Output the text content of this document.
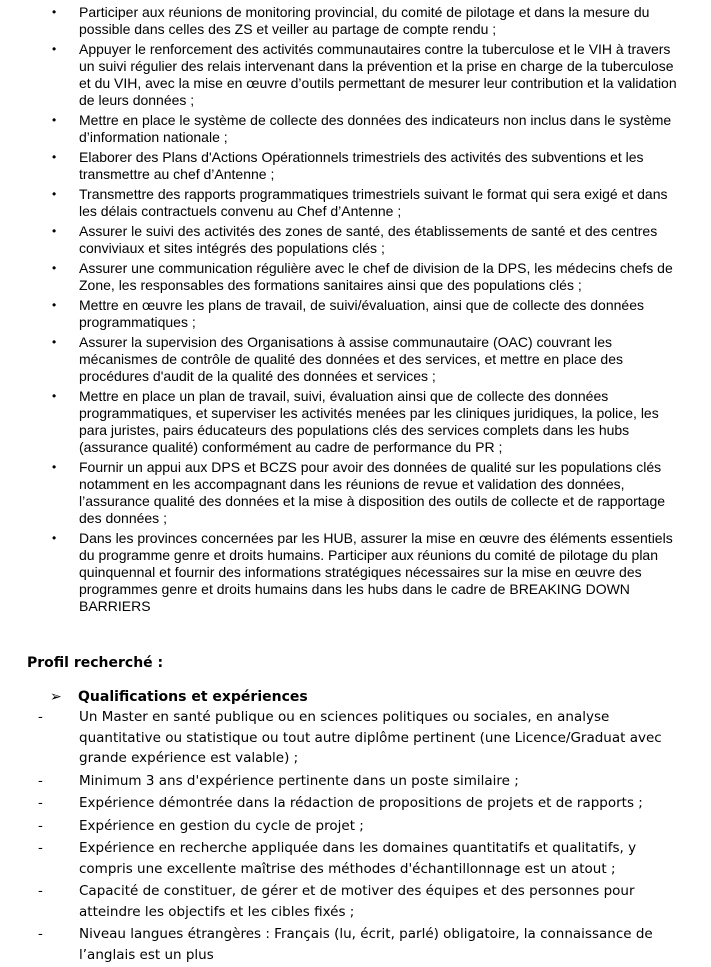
• Participer aux réunions de monitoring provincial, du comité de pilotage et dans la mesure du possible dans celles des ZS et veiller au partage de compte rendu ;
• Appuyer le renforcement des activités communautaires contre la tuberculose et le VIH à travers un suivi régulier des relais intervenant dans la prévention et la prise en charge de la tuberculose et du VIH, avec la mise en œuvre d’outils permettant de mesurer leur contribution et la validation de leurs données ;
• Mettre en place le système de collecte des données des indicateurs non inclus dans le système d’information nationale ;
• Elaborer des Plans d'Actions Opérationnels trimestriels des activités des subventions et les transmettre au chef d’Antenne ;
• Transmettre des rapports programmatiques trimestriels suivant le format qui sera exigé et dans les délais contractuels convenu au Chef d’Antenne ;
• Assurer le suivi des activités des zones de santé, des établissements de santé et des centres conviviaux et sites intégrés des populations clés ;
• Assurer une communication régulière avec le chef de division de la DPS, les médecins chefs de Zone, les responsables des formations sanitaires ainsi que des populations clés ;
• Mettre en œuvre les plans de travail, de suivi/évaluation, ainsi que de collecte des données programmatiques ;
• Assurer la supervision des Organisations à assise communautaire (OAC) couvrant les mécanismes de contrôle de qualité des données et des services, et mettre en place des procédures d'audit de la qualité des données et services ;
• Mettre en place un plan de travail, suivi, évaluation ainsi que de collecte des données programmatiques, et superviser les activités menées par les cliniques juridiques, la police, les para juristes, pairs éducateurs des populations clés des services complets dans les hubs (assurance qualité) conformément au cadre de performance du PR ;
• Fournir un appui aux DPS et BCZS pour avoir des données de qualité sur les populations clés notamment en les accompagnant dans les réunions de revue et validation des données, l’assurance qualité des données et la mise à disposition des outils de collecte et de rapportage des données ;
• Dans les provinces concernées par les HUB, assurer la mise en œuvre des éléments essentiels du programme genre et droits humains. Participer aux réunions du comité de pilotage du plan quinquennal et fournir des informations stratégiques nécessaires sur la mise en œuvre des programmes genre et droits humains dans les hubs dans le cadre de BREAKING DOWN BARRIERS

Profil recherché :

➢ Qualifications et expériences
-	Un Master en santé publique ou en sciences politiques ou sociales, en analyse quantitative ou statistique ou tout autre diplôme pertinent (une Licence/Graduat avec grande expérience est valable) ;
-	Minimum 3 ans d'expérience pertinente dans un poste similaire ;
-	Expérience démontrée dans la rédaction de propositions de projets et de rapports ;
-	Expérience en gestion du cycle de projet ;
-	Expérience en recherche appliquée dans les domaines quantitatifs et qualitatifs, y compris une excellente maîtrise des méthodes d'échantillonnage est un atout ;
-	Capacité de constituer, de gérer et de motiver des équipes et des personnes pour atteindre les objectifs et les cibles fixés ;
-	Niveau langues étrangères : Français (lu, écrit, parlé) obligatoire, la connaissance de l’anglais est un plus
